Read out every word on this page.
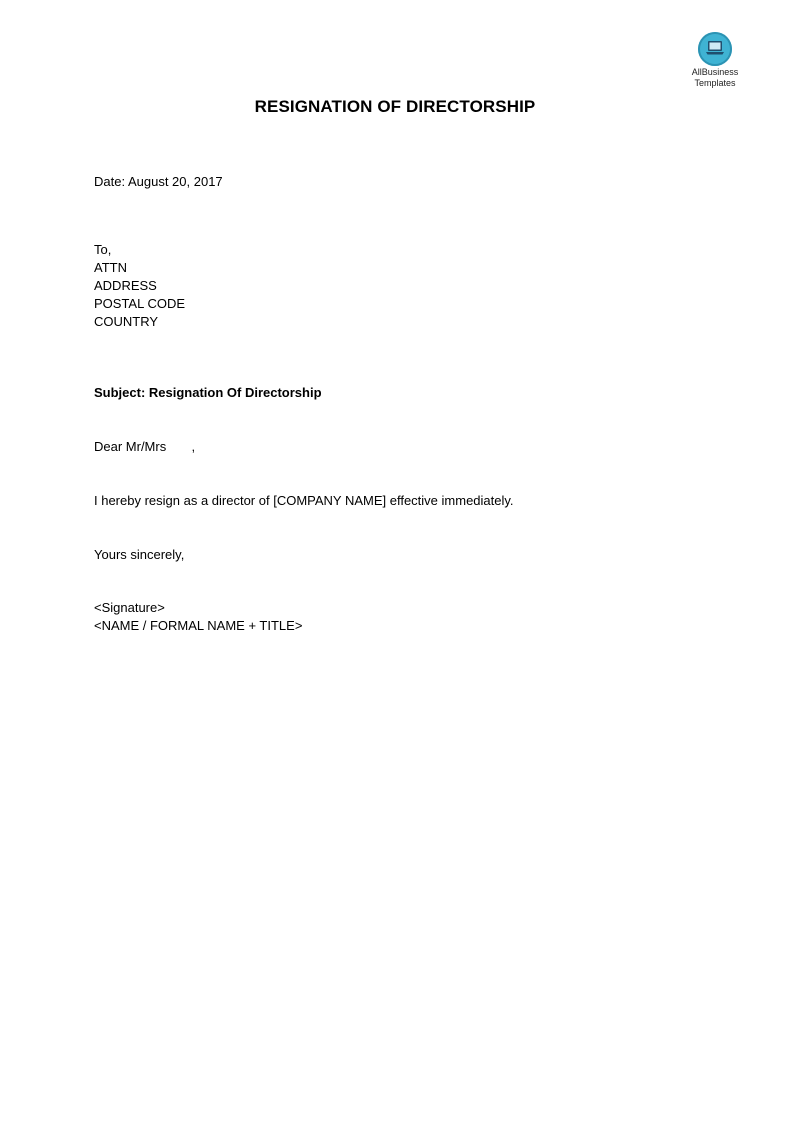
AllBusiness
Templates
RESIGNATION OF DIRECTORSHIP
Date: August 20, 2017
To,
ATTN
ADDRESS
POSTAL CODE
COUNTRY
Subject: Resignation Of Directorship
Dear Mr/Mrs       ,
I hereby resign as a director of [COMPANY NAME] effective immediately.
Yours sincerely,
<Signature>
<NAME / FORMAL NAME + TITLE>
